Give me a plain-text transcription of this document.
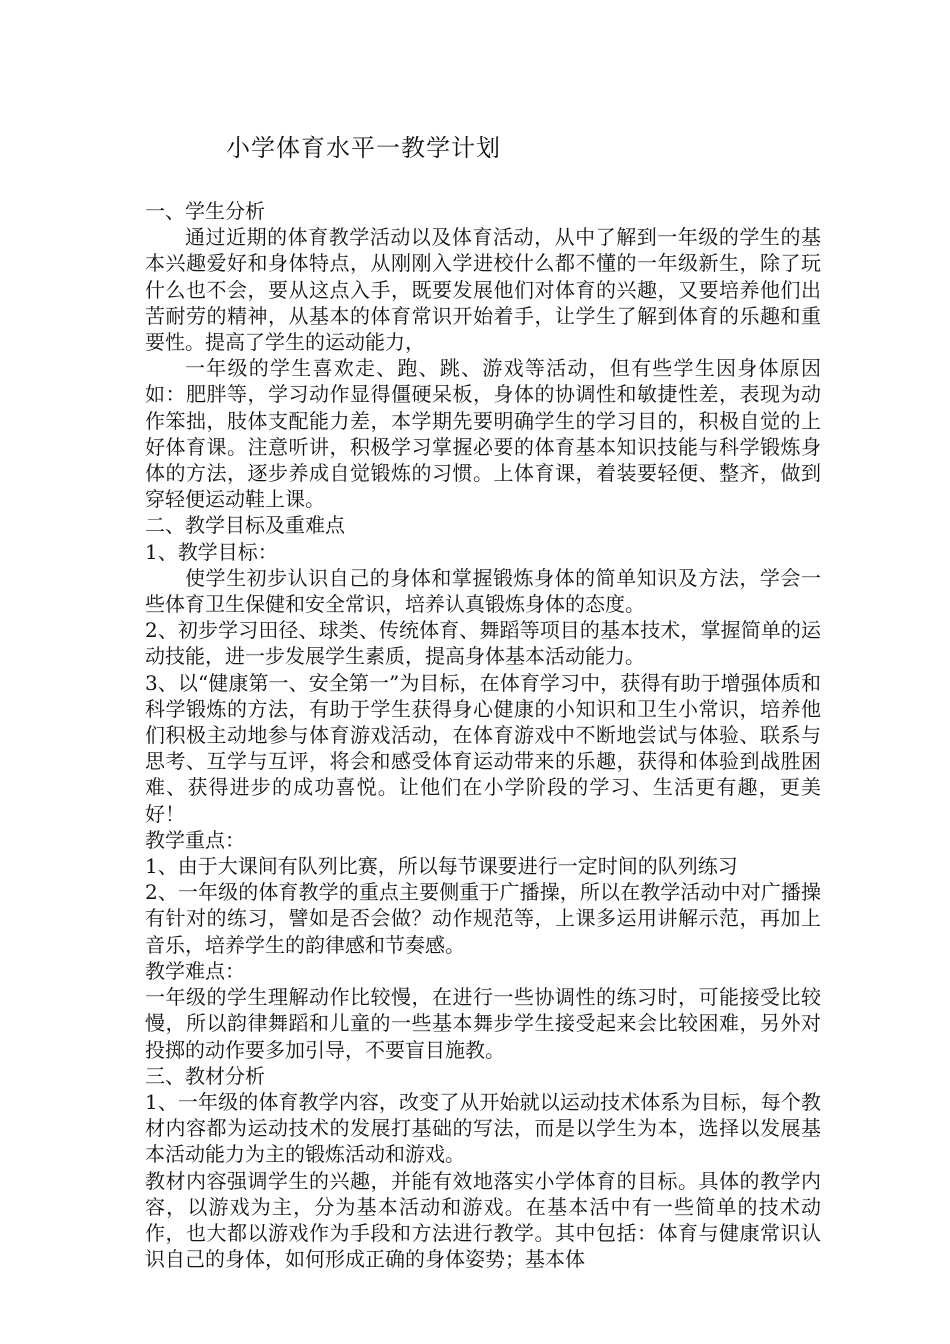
小学体育水平一教学计划

一、学生分析

通过近期的体育教学活动以及体育活动，从中了解到一年级的学生的基本兴趣爱好和身体特点，从刚刚入学进校什么都不懂的一年级新生，除了玩什么也不会，要从这点入手，既要发展他们对体育的兴趣，又要培养他们出苦耐劳的精神，从基本的体育常识开始着手，让学生了解到体育的乐趣和重要性。提高了学生的运动能力，

一年级的学生喜欢走、跑、跳、游戏等活动，但有些学生因身体原因如：肥胖等，学习动作显得僵硬呆板，身体的协调性和敏捷性差，表现为动作笨拙，肢体支配能力差，本学期先要明确学生的学习目的，积极自觉的上好体育课。注意听讲，积极学习掌握必要的体育基本知识技能与科学锻炼身体的方法，逐步养成自觉锻炼的习惯。上体育课，着装要轻便、整齐，做到穿轻便运动鞋上课。

二、教学目标及重难点

1、教学目标：

使学生初步认识自己的身体和掌握锻炼身体的简单知识及方法，学会一些体育卫生保健和安全常识，培养认真锻炼身体的态度。

2、初步学习田径、球类、传统体育、舞蹈等项目的基本技术，掌握简单的运动技能，进一步发展学生素质，提高身体基本活动能力。

3、以“健康第一、安全第一”为目标，在体育学习中，获得有助于增强体质和科学锻炼的方法，有助于学生获得身心健康的小知识和卫生小常识，培养他们积极主动地参与体育游戏活动，在体育游戏中不断地尝试与体验、联系与思考、互学与互评，将会和感受体育运动带来的乐趣，获得和体验到战胜困难、获得进步的成功喜悦。让他们在小学阶段的学习、生活更有趣，更美好！

教学重点：

1、由于大课间有队列比赛，所以每节课要进行一定时间的队列练习

2、一年级的体育教学的重点主要侧重于广播操，所以在教学活动中对广播操有针对的练习，譬如是否会做？动作规范等，上课多运用讲解示范，再加上音乐，培养学生的韵律感和节奏感。

教学难点：

一年级的学生理解动作比较慢，在进行一些协调性的练习时，可能接受比较慢，所以韵律舞蹈和儿童的一些基本舞步学生接受起来会比较困难，另外对投掷的动作要多加引导，不要盲目施教。

三、教材分析

1、一年级的体育教学内容，改变了从开始就以运动技术体系为目标，每个教材内容都为运动技术的发展打基础的写法，而是以学生为本，选择以发展基本活动能力为主的锻炼活动和游戏。

教材内容强调学生的兴趣，并能有效地落实小学体育的目标。具体的教学内容，以游戏为主，分为基本活动和游戏。在基本活中有一些简单的技术动作，也大都以游戏作为手段和方法进行教学。其中包括：体育与健康常识认识自己的身体，如何形成正确的身体姿势；基本体
